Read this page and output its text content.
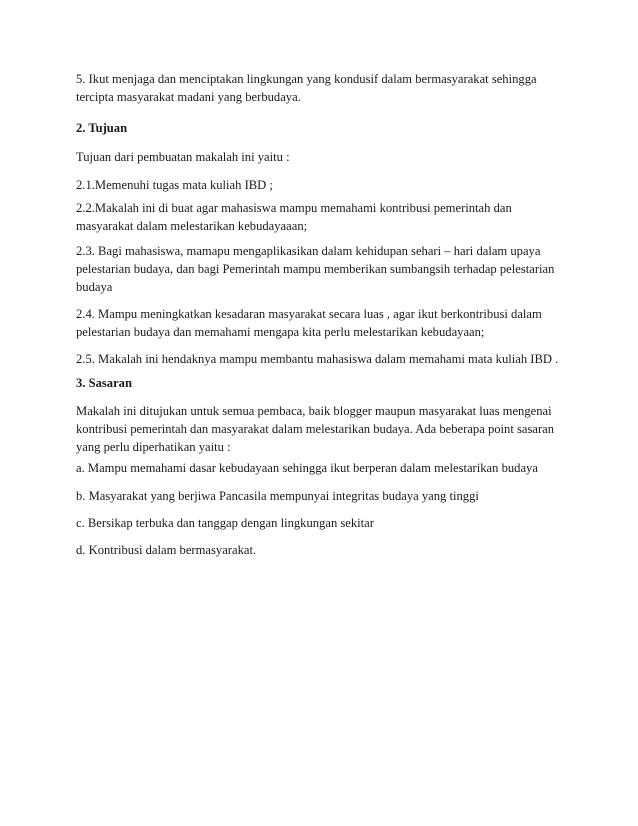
5. Ikut menjaga dan menciptakan lingkungan yang kondusif dalam bermasyarakat sehingga
tercipta masyarakat madani yang berbudaya.
2. Tujuan
Tujuan dari pembuatan makalah ini yaitu :
2.1.Memenuhi tugas mata kuliah IBD ;
2.2.Makalah ini di buat agar mahasiswa mampu memahami kontribusi pemerintah dan
masyarakat dalam melestarikan kebudayaaan;
2.3. Bagi mahasiswa, mamapu mengaplikasikan dalam kehidupan sehari – hari dalam upaya
pelestarian budaya, dan bagi Pemerintah mampu memberikan sumbangsih terhadap pelestarian
budaya
2.4. Mampu meningkatkan kesadaran masyarakat secara luas , agar ikut berkontribusi dalam
pelestarian budaya dan memahami mengapa kita perlu melestarikan kebudayaan;
2.5. Makalah ini hendaknya mampu membantu mahasiswa dalam memahami mata kuliah IBD .
3. Sasaran
Makalah ini ditujukan untuk semua pembaca, baik blogger maupun masyarakat luas mengenai
kontribusi pemerintah dan masyarakat dalam melestarikan budaya. Ada beberapa point sasaran
yang perlu diperhatikan yaitu :
a. Mampu memahami dasar kebudayaan sehingga ikut berperan dalam melestarikan budaya
b. Masyarakat yang berjiwa Pancasila mempunyai integritas budaya yang tinggi
c. Bersikap terbuka dan tanggap dengan lingkungan sekitar
d. Kontribusi dalam bermasyarakat.
